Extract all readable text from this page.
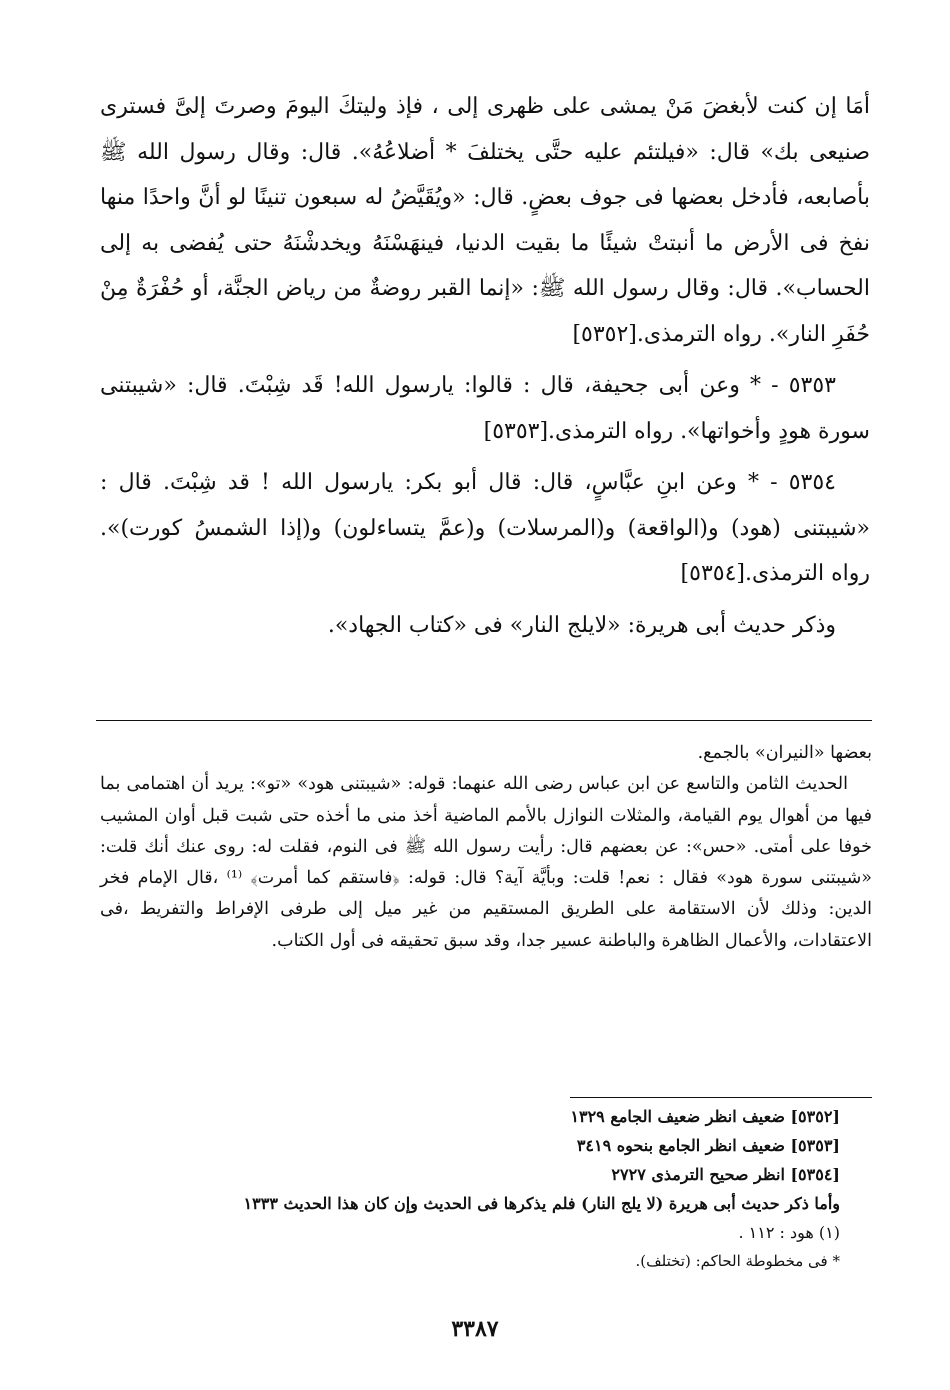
أمَا إن كنت لأبغضَ مَنْ يمشى على ظهرى إلى ، فإذ وليتكَ اليومَ وصرتَ إلىَّ فسترى صنيعى بك» قال: «فيلتئم عليه حتَّى يختلفَ * أضلاعُهُ». قال: وقال رسول الله ﷺ بأصابعه، فأدخل بعضها فى جوف بعضٍ. قال: «ويُقَيَّضُ له سبعون تنينًا لو أنَّ واحدًا منها نفخ فى الأرض ما أنبتتْ شيئًا ما بقيت الدنيا، فينهَسْنَهُ ويخدشْنَهُ حتى يُفضى به إلى الحساب». قال: وقال رسول الله ﷺ: «إنما القبر روضةٌ من رياض الجنَّة، أو حُفْرَةٌ مِنْ حُفَرِ النار». رواه الترمذى.[٥٣٥٢]

٥٣٥٣ - * وعن أبى جحيفة، قال : قالوا: يارسول الله! قَد شِبْتَ. قال: «شيبتنى سورة هودٍ وأخواتها». رواه الترمذى.[٥٣٥٣]

٥٣٥٤ - * وعن ابنِ عبَّاسٍ، قال: قال أبو بكر: يارسول الله ! قد شِبْتَ. قال : «شيبتنى (هود) و(الواقعة) و(المرسلات) و(عمَّ يتساءلون) و(إذا الشمسُ كورت)». رواه الترمذى.[٥٣٥٤]

وذكر حديث أبى هريرة: «لايلج النار» فى «كتاب الجهاد».

بعضها «النيران» بالجمع.

الحديث الثامن والتاسع عن ابن عباس رضى الله عنهما: قوله: «شيبتنى هود» «تو»: يريد أن اهتمامى بما فيها من أهوال يوم القيامة، والمثلات النوازل بالأمم الماضية أخذ منى ما أخذه حتى شبت قبل أوان المشيب خوفا على أمتى. «حس»: عن بعضهم قال: رأيت رسول الله ﷺ فى النوم، فقلت له: روى عنك أنك قلت: «شيبتنى سورة هود» فقال : نعم! قلت: وبأيَّة آية؟ قال: قوله: ﴿فاستقم كما أمرت﴾ ⁽¹⁾ ،قال الإمام فخر الدين: وذلك لأن الاستقامة على الطريق المستقيم من غير ميل إلى طرفى الإفراط والتفريط ،فى الاعتقادات، والأعمال الظاهرة والباطنة عسير جدا، وقد سبق تحقيقه فى أول الكتاب.

[٥٣٥٢] ضعيف انظر ضعيف الجامع ١٣٢٩

[٥٣٥٣] ضعيف انظر الجامع بنحوه ٣٤١٩

[٥٣٥٤] انظر صحيح الترمذى ٢٧٢٧

وأما ذكر حديث أبى هريرة (لا يلج النار) فلم يذكرها فى الحديث وإن كان هذا الحديث ١٣٣٣

(١) هود : ١١٢ .

* فى مخطوطة الحاكم: (تختلف).

٣٣٨٧
